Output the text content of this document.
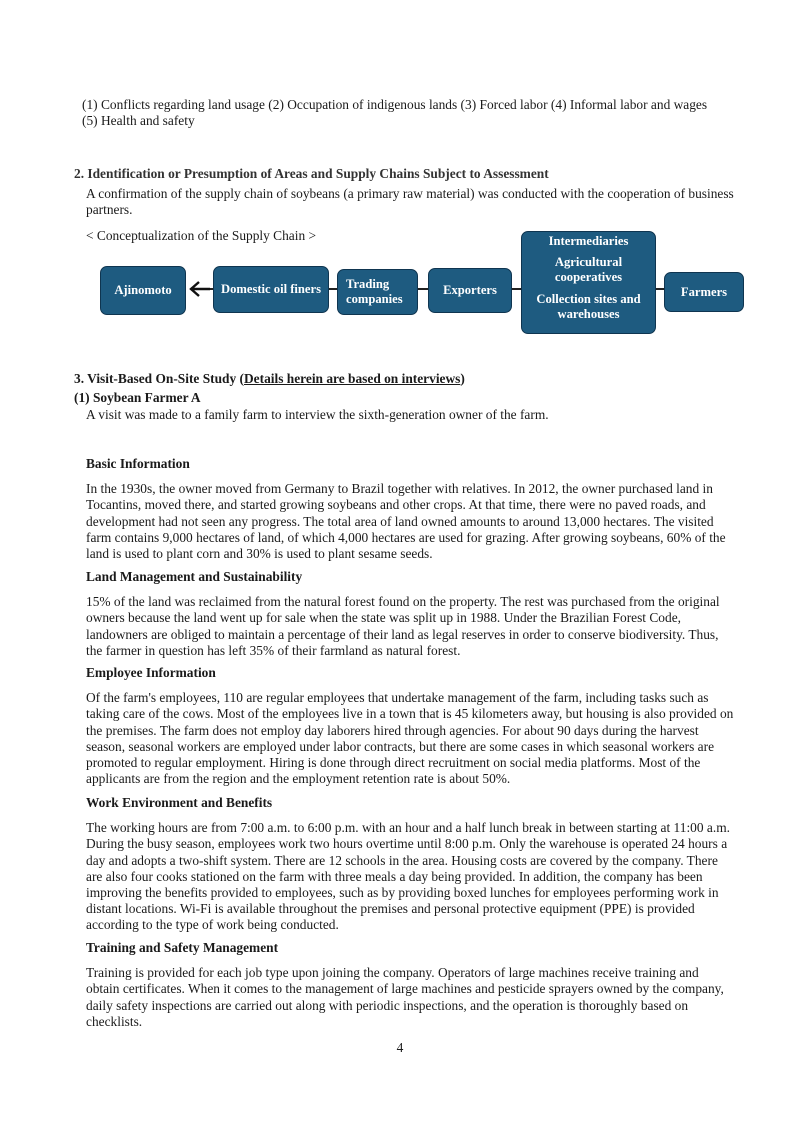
(1) Conflicts regarding land usage (2) Occupation of indigenous lands (3) Forced labor (4) Informal labor and wages (5) Health and safety

2. Identification or Presumption of Areas and Supply Chains Subject to Assessment

A confirmation of the supply chain of soybeans (a primary raw material) was conducted with the cooperation of business partners.

< Conceptualization of the Supply Chain >

Ajinomoto	Domestic oil finers Trading companies
Exporters
Intermediaries
Agricultural cooperatives
Collection sites and warehouses
Farmers

3. Visit-Based On-Site Study (Details herein are based on interviews)

(1) Soybean Farmer A

A visit was made to a family farm to interview the sixth-generation owner of the farm.

Basic Information

In the 1930s, the owner moved from Germany to Brazil together with relatives. In 2012, the owner purchased land in Tocantins, moved there, and started growing soybeans and other crops. At that time, there were no paved roads, and development had not seen any progress. The total area of land owned amounts to around 13,000 hectares. The visited farm contains 9,000 hectares of land, of which 4,000 hectares are used for grazing. After growing soybeans, 60% of the land is used to plant corn and 30% is used to plant sesame seeds.

Land Management and Sustainability

15% of the land was reclaimed from the natural forest found on the property. The rest was purchased from the original owners because the land went up for sale when the state was split up in 1988. Under the Brazilian Forest Code, landowners are obliged to maintain a percentage of their land as legal reserves in order to conserve biodiversity. Thus, the farmer in question has left 35% of their farmland as natural forest.

Employee Information

Of the farm's employees, 110 are regular employees that undertake management of the farm, including tasks such as taking care of the cows. Most of the employees live in a town that is 45 kilometers away, but housing is also provided on the premises. The farm does not employ day laborers hired through agencies. For about 90 days during the harvest season, seasonal workers are employed under labor contracts, but there are some cases in which seasonal workers are promoted to regular employment. Hiring is done through direct recruitment on social media platforms. Most of the applicants are from the region and the employment retention rate is about 50%.

Work Environment and Benefits

The working hours are from 7:00 a.m. to 6:00 p.m. with an hour and a half lunch break in between starting at 11:00 a.m. During the busy season, employees work two hours overtime until 8:00 p.m. Only the warehouse is operated 24 hours a day and adopts a two-shift system. There are 12 schools in the area. Housing costs are covered by the company. There are also four cooks stationed on the farm with three meals a day being provided. In addition, the company has been improving the benefits provided to employees, such as by providing boxed lunches for employees performing work in distant locations. Wi-Fi is available throughout the premises and personal protective equipment (PPE) is provided according to the type of work being conducted.

Training and Safety Management

Training is provided for each job type upon joining the company. Operators of large machines receive training and obtain certificates. When it comes to the management of large machines and pesticide sprayers owned by the company, daily safety inspections are carried out along with periodic inspections, and the operation is thoroughly based on checklists.

4
